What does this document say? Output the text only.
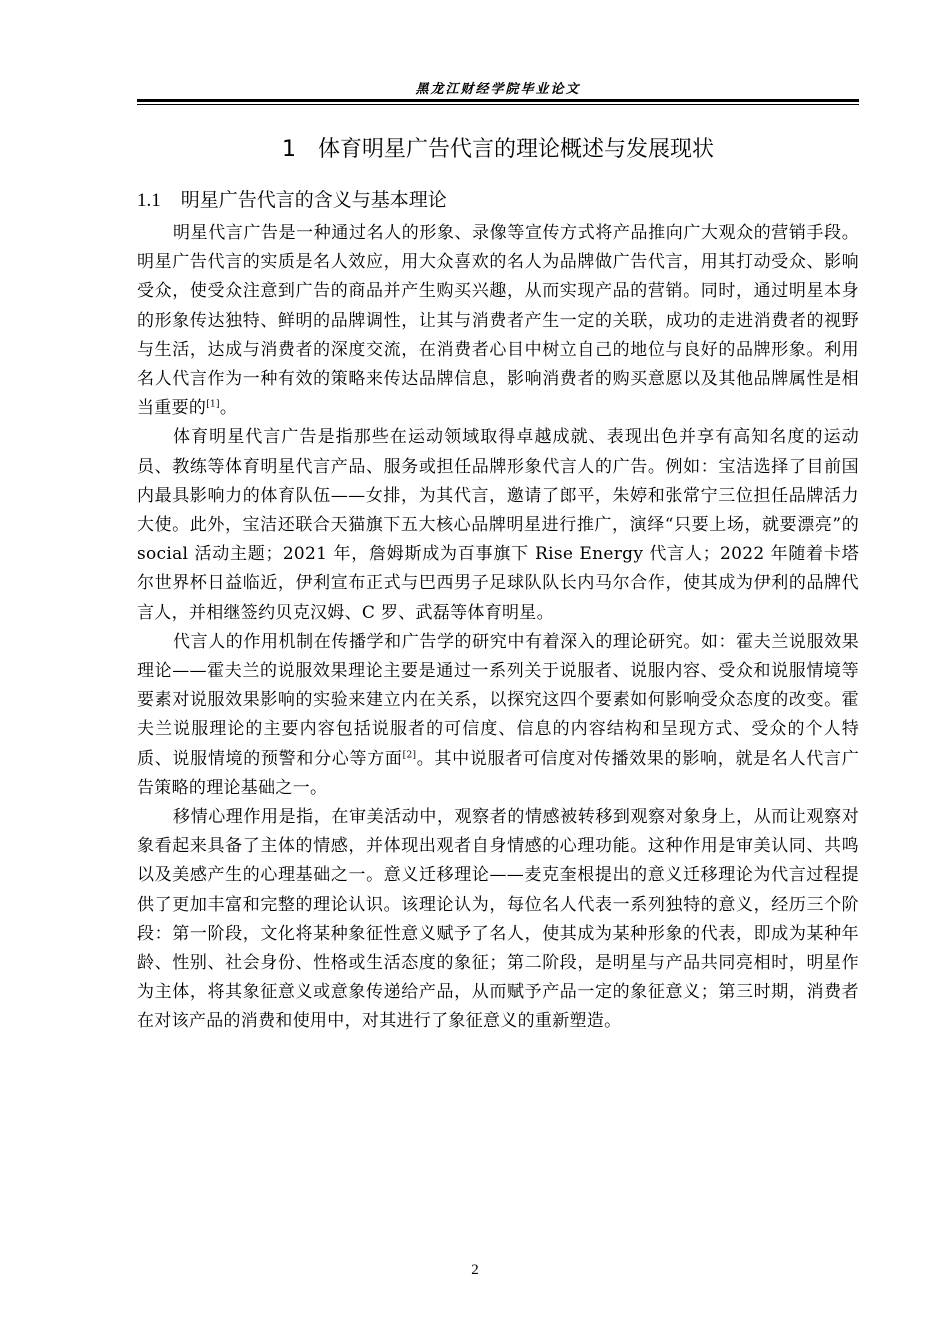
黑龙江财经学院毕业论文
1 体育明星广告代言的理论概述与发展现状
1.1 明星广告代言的含义与基本理论

明星代言广告是一种通过名人的形象、录像等宣传方式将产品推向广大观众的营销手段。明星广告代言的实质是名人效应，用大众喜欢的名人为品牌做广告代言，用其打动受众、影响受众，使受众注意到广告的商品并产生购买兴趣，从而实现产品的营销。同时，通过明星本身的形象传达独特、鲜明的品牌调性，让其与消费者产生一定的关联，成功的走进消费者的视野与生活，达成与消费者的深度交流，在消费者心目中树立自己的地位与良好的品牌形象。利用名人代言作为一种有效的策略来传达品牌信息，影响消费者的购买意愿以及其他品牌属性是相当重要的[1]。

体育明星代言广告是指那些在运动领域取得卓越成就、表现出色并享有高知名度的运动员、教练等体育明星代言产品、服务或担任品牌形象代言人的广告。例如：宝洁选择了目前国内最具影响力的体育队伍——女排，为其代言，邀请了郎平，朱婷和张常宁三位担任品牌活力大使。此外，宝洁还联合天猫旗下五大核心品牌明星进行推广，演绎“只要上场，就要漂亮”的 social 活动主题；2021 年，詹姆斯成为百事旗下 Rise Energy 代言人；2022 年随着卡塔尔世界杯日益临近，伊利宣布正式与巴西男子足球队队长内马尔合作，使其成为伊利的品牌代言人，并相继签约贝克汉姆、C 罗、武磊等体育明星。

代言人的作用机制在传播学和广告学的研究中有着深入的理论研究。如：霍夫兰说服效果理论——霍夫兰的说服效果理论主要是通过一系列关于说服者、说服内容、受众和说服情境等要素对说服效果影响的实验来建立内在关系，以探究这四个要素如何影响受众态度的改变。霍夫兰说服理论的主要内容包括说服者的可信度、信息的内容结构和呈现方式、受众的个人特质、说服情境的预警和分心等方面[2]。其中说服者可信度对传播效果的影响，就是名人代言广告策略的理论基础之一。

移情心理作用是指，在审美活动中，观察者的情感被转移到观察对象身上，从而让观察对象看起来具备了主体的情感，并体现出观者自身情感的心理功能。这种作用是审美认同、共鸣以及美感产生的心理基础之一。意义迁移理论——麦克奎根提出的意义迁移理论为代言过程提供了更加丰富和完整的理论认识。该理论认为，每位名人代表一系列独特的意义，经历三个阶段：第一阶段，文化将某种象征性意义赋予了名人，使其成为某种形象的代表，即成为某种年龄、性别、社会身份、性格或生活态度的象征；第二阶段，是明星与产品共同亮相时，明星作为主体，将其象征意义或意象传递给产品，从而赋予产品一定的象征意义；第三时期，消费者在对该产品的消费和使用中，对其进行了象征意义的重新塑造。

2
